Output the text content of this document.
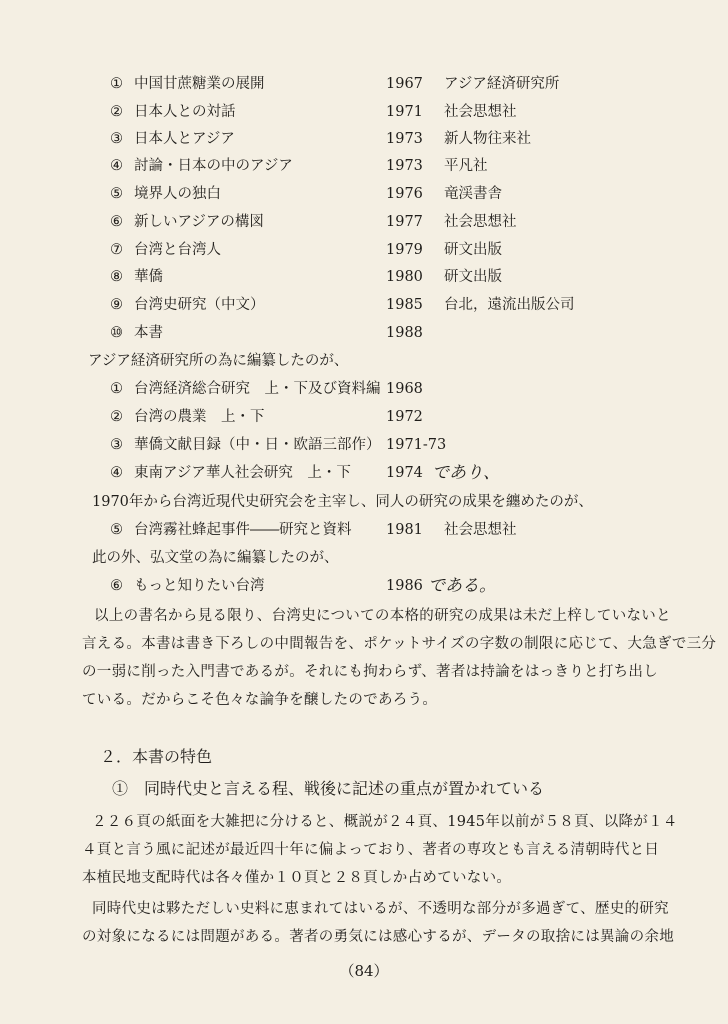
① 中国甘蔗糖業の展開	1967 アジア経済研究所
② 日本人との対話	1971 社会思想社
③ 日本人とアジア	1973 新人物往来社
④ 討論・日本の中のアジア	1973 平凡社
⑤ 境界人の独白	1976 竜渓書舎
⑥ 新しいアジアの構図	1977 社会思想社
⑦ 台湾と台湾人	1979 研文出版
⑧ 華僑	1980 研文出版
⑨ 台湾史研究（中文）	1985 台北，遠流出版公司
⑩ 本書	1988
アジア経済研究所の為に編纂したのが、
① 台湾経済総合研究　上・下及び資料編 1968
② 台湾の農業　上・下	1972
③ 華僑文献目録（中・日・欧語三部作） 1971-73
④ 東南アジア華人社会研究　上・下 1974 であり、
1970年から台湾近現代史研究会を主宰し、同人の研究の成果を纏めたのが、
⑤ 台湾霧社蜂起事件――研究と資料 1981 社会思想社
此の外、弘文堂の為に編纂したのが、
⑥ もっと知りたい台湾	1986 である。
以上の書名から見る限り、台湾史についての本格的研究の成果は未だ上梓していないと
言える。本書は書き下ろしの中間報告を、ポケットサイズの字数の制限に応じて、大急ぎで三分
の一弱に削った入門書であるが。それにも拘わらず、著者は持論をはっきりと打ち出し
ている。だからこそ色々な論争を醸したのであろう。
２．本書の特色
①　同時代史と言える程、戦後に記述の重点が置かれている
２２６頁の紙面を大雑把に分けると、概説が２４頁、1945年以前が５８頁、以降が１４
４頁と言う風に記述が最近四十年に偏よっており、著者の専攻とも言える清朝時代と日
本植民地支配時代は各々僅か１０頁と２８頁しか占めていない。
同時代史は夥ただしい史料に恵まれてはいるが、不透明な部分が多過ぎて、歴史的研究
の対象になるには問題がある。著者の勇気には感心するが、データの取捨には異論の余地
（84）
